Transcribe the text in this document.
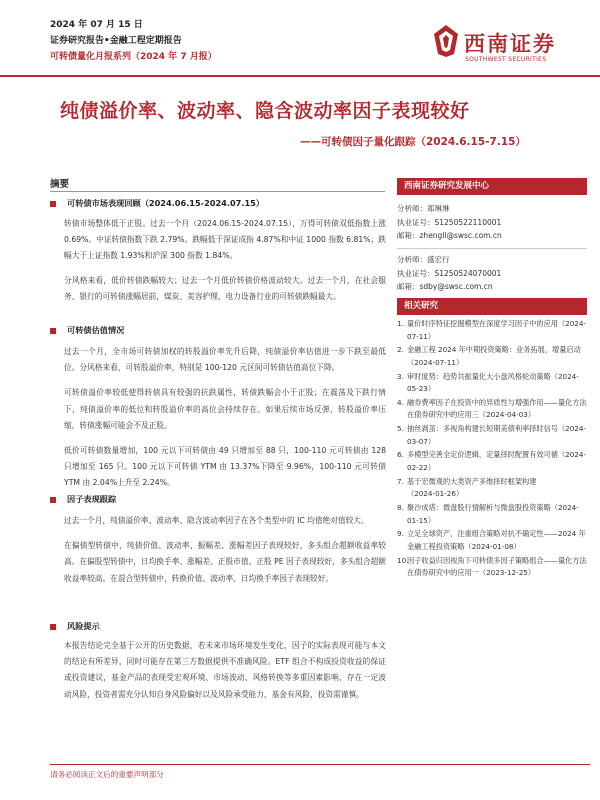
2024 年 07 月 15 日
证券研究报告•金融工程定期报告
可转债量化月报系列（2024 年 7 月报）
西南证券
SOUTHWEST SECURITIES
纯债溢价率、波动率、隐含波动率因子表现较好
——可转债因子量化跟踪（2024.6.15-7.15）
摘要
可转债市场表现回顾（2024.06.15-2024.07.15）

转债市场整体低于正股。过去一个月（2024.06.15-2024.07.15），万得可转债双低指数上涨 0.69%。中证转债指数下跌 2.79%。跌幅低于深证成指 4.87%和中证 1000 指数 6.81%；跌幅大于上证指数 1.93%和沪深 300 指数 1.84%。

分风格来看，低价转债跌幅较大；过去一个月低价转债价格波动较大。过去一个月，在社会服务、银行的可转债涨幅居前，煤炭、美容护理、电力设备行业的可转债跌幅最大。

可转债估值情况

过去一个月，全市场可转债加权的转股溢价率先升后降，纯债溢价率估值进一步下跌至最低位。分风格来看，可转股溢价率，特别是 100-120 元区间可转债估值高位下降。

可转债溢价率较低使得转债具有较强的抗跌属性，转债跌幅会小于正股；在震荡及下跌行情下，纯债溢价率的低位和转股溢价率的高位会持续存在。如果后续市场反弹，转股溢价率压缩，转债涨幅可能会不及正股。

低价可转债数量增加，100 元以下可转债由 49 只增加至 88 只，100-110 元可转债由 128 只增加至 165 只。100 元以下可转债 YTM 由 13.37%下降至 9.96%，100-110 元可转债 YTM 由 2.04%上升至 2.24%。

因子表现跟踪

过去一个月，纯债溢价率、波动率、隐含波动率因子在各个类型中的 IC 均值绝对值较大。

在偏债型转债中，纯债价值、波动率、振幅差、涨幅差因子表现较好，多头组合超额收益率较高。在偏股型转债中，日均换手率、涨幅差、正股市值、正股 PE 因子表现较好，多头组合超额收益率较高。在混合型转债中，转换价值、波动率、日均换手率因子表现较好。

风险提示

本报告结论完全基于公开的历史数据，若未来市场环境发生变化，因子的实际表现可能与本文的结论有所差异，同时可能存在第三方数据提供不准确风险。ETF 组合不构成投资收益的保证或投资建议，基金产品的表现受宏观环境、市场波动、风格转换等多重因素影响，存在一定波动风险，投资者需充分认知自身风险偏好以及风险承受能力，基金有风险，投资需谨慎。

西南证券研究发展中心
分析师：郑琳琳
执业证号：S1250522110001
邮箱：zhengll@swsc.com.cn
分析师：盛宏行
执业证号：S1250524070001
邮箱：sdby@swsc.com.cn
相关研究
1. 量价时序特征挖掘模型在深度学习因子中的应用（2024-07-11）
2. 金融工程 2024 年中期投资策略：业务拓展，增量启动（2024-07-11）
3. 审时度势：趋势共振量化大小盘风格轮动策略（2024-05-23）
4. 融券费率因子在投资中的异质性与增强作用——量化方法在债券研究中的应用三（2024-04-03）
5. 抽丝剥茧：多视角构建长短期美债利率择时信号（2024-03-07）
6. 多模型完善全定价逻辑，定量择时配置有效可循（2024-02-22）
7. 基于宏微观的大类资产多维择时框架构建（2024-01-26）
8. 聚沙成塔：微盘股行情解析与微盘股投资策略（2024-01-15）
9. 立足全球资产，注重组合策略对抗不确定性——2024 年金融工程投资策略（2024-01-08）
10.
因子收益归因视角下可转债多因子策略组合——量化方法在债券研究中的应用一（2023-12-25）
请务必阅读正文后的重要声明部分
